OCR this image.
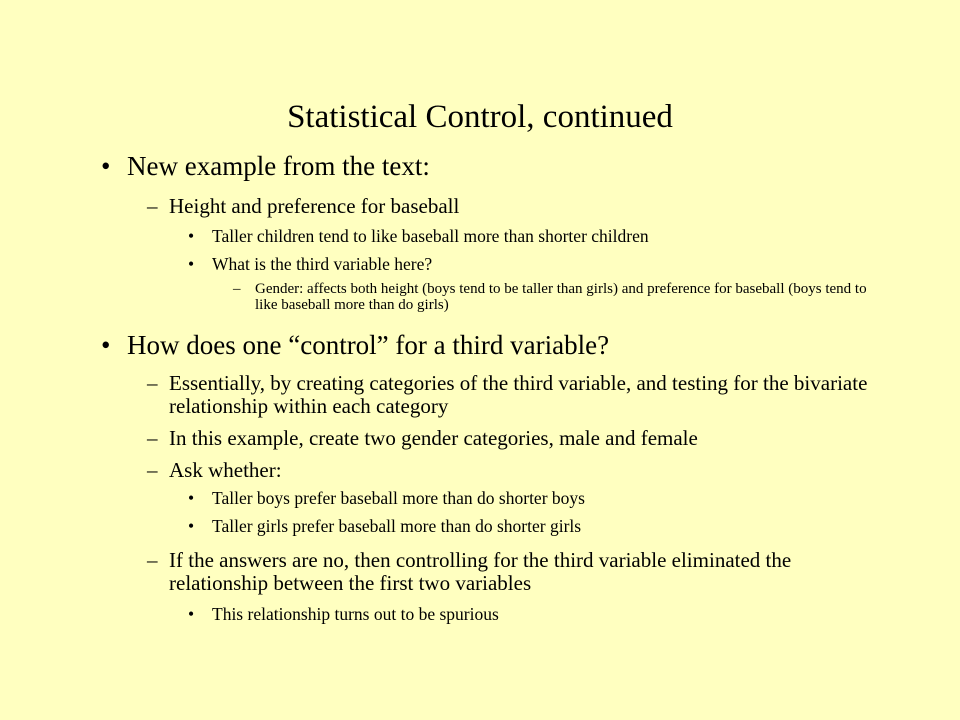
Statistical Control, continued
• New example from the text:
– Height and preference for baseball
• Taller children tend to like baseball more than shorter children
• What is the third variable here?
– Gender: affects both height (boys tend to be taller than girls) and preference for baseball (boys tend to like baseball more than do girls)
• How does one “control” for a third variable?
– Essentially, by creating categories of the third variable, and testing for the bivariate relationship within each category
– In this example, create two gender categories, male and female
– Ask whether:
• Taller boys prefer baseball more than do shorter boys
• Taller girls prefer baseball more than do shorter girls
– If the answers are no, then controlling for the third variable eliminated the relationship between the first two variables
• This relationship turns out to be spurious
